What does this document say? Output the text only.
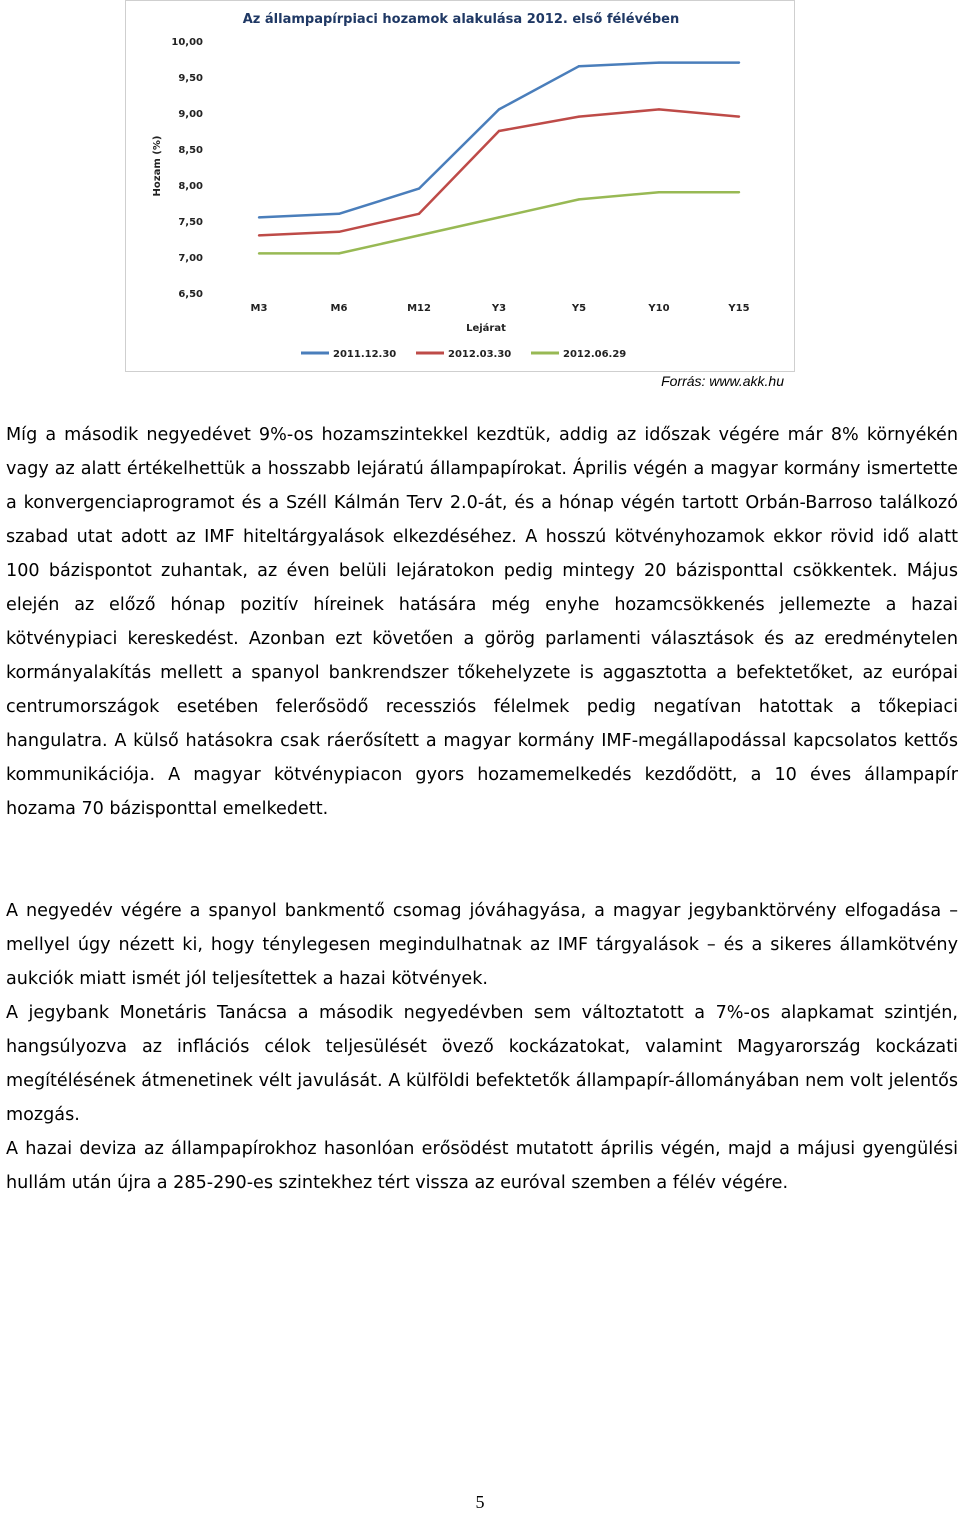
Az állampapírpiaci hozamok alakulása 2012. első félévében
10,00
9,50
9,00
8,50
8,00
7,50
7,00
6,50
Hozam (%)
M3	M6	M12	Y3	Y5	Y10	Y15
Lejárat
2011.12.30	2012.03.30	2012.06.29
Forrás: www.akk.hu

Míg a második negyedévet 9%-os hozamszintekkel kezdtük, addig az időszak végére már 8% környékén vagy az alatt értékelhettük a hosszabb lejáratú állampapírokat. Április végén a magyar kormány ismertette a konvergenciaprogramot és a Széll Kálmán Terv 2.0-át, és a hónap végén tartott Orbán-Barroso találkozó szabad utat adott az IMF hiteltárgyalások elkezdéséhez. A hosszú kötvényhozamok ekkor rövid idő alatt 100 bázispontot zuhantak, az éven belüli lejáratokon pedig mintegy 20 bázisponttal csökkentek. Május elején az előző hónap pozitív híreinek hatására még enyhe hozamcsökkenés jellemezte a hazai kötvénypiaci kereskedést. Azonban ezt követően a görög parlamenti választások és az eredménytelen kormányalakítás mellett a spanyol bankrendszer tőkehelyzete is aggasztotta a befektetőket, az európai centrumországok esetében felerősödő recessziós félelmek pedig negatívan hatottak a tőkepiaci hangulatra. A külső hatásokra csak ráerősített a magyar kormány IMF-megállapodással kapcsolatos kettős kommunikációja. A magyar kötvénypiacon gyors hozamemelkedés kezdődött, a 10 éves állampapír hozama 70 bázisponttal emelkedett.

A negyedév végére a spanyol bankmentő csomag jóváhagyása, a magyar jegybanktörvény elfogadása – mellyel úgy nézett ki, hogy ténylegesen megindulhatnak az IMF tárgyalások – és a sikeres államkötvény aukciók miatt ismét jól teljesítettek a hazai kötvények.

A jegybank Monetáris Tanácsa a második negyedévben sem változtatott a 7%-os alapkamat szintjén, hangsúlyozva az inflációs célok teljesülését övező kockázatokat, valamint Magyarország kockázati megítélésének átmenetinek vélt javulását. A külföldi befektetők állampapír-állományában nem volt jelentős mozgás.

A hazai deviza az állampapírokhoz hasonlóan erősödést mutatott április végén, majd a májusi gyengülési hullám után újra a 285-290-es szintekhez tért vissza az euróval szemben a félév végére.

5
